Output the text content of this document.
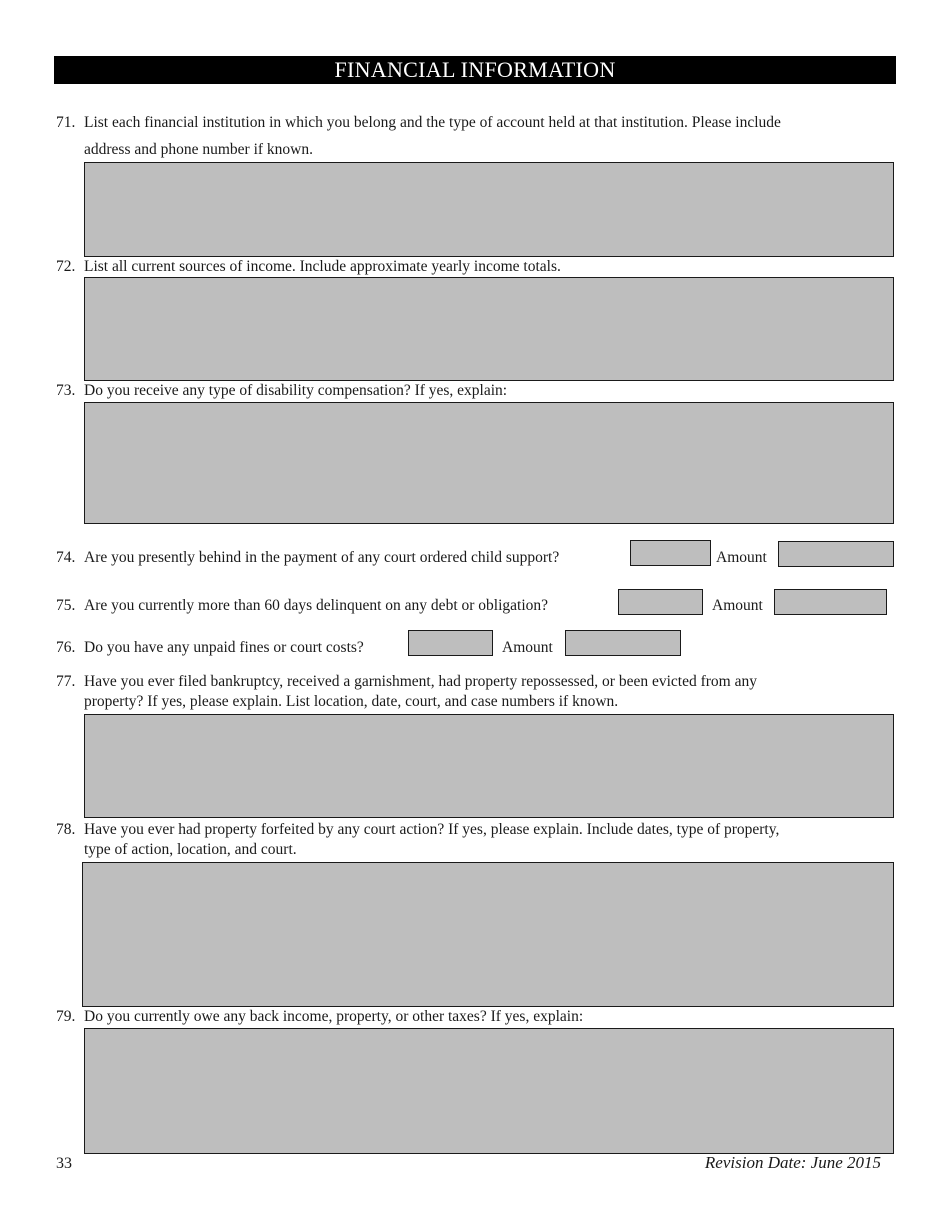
FINANCIAL INFORMATION
71. List each financial institution in which you belong and the type of account held at that institution. Please include
address and phone number if known.
72. List all current sources of income. Include approximate yearly income totals.
73. Do you receive any type of disability compensation? If yes, explain:
74. Are you presently behind in the payment of any court ordered child support?	Amount
75. Are you currently more than 60 days delinquent on any debt or obligation?	Amount
76. Do you have any unpaid fines or court costs?	Amount
77. Have you ever filed bankruptcy, received a garnishment, had property repossessed, or been evicted from any
property? If yes, please explain. List location, date, court, and case numbers if known.
78. Have you ever had property forfeited by any court action? If yes, please explain. Include dates, type of property,
type of action, location, and court.
79. Do you currently owe any back income, property, or other taxes? If yes, explain:
33	Revision Date: June 2015
